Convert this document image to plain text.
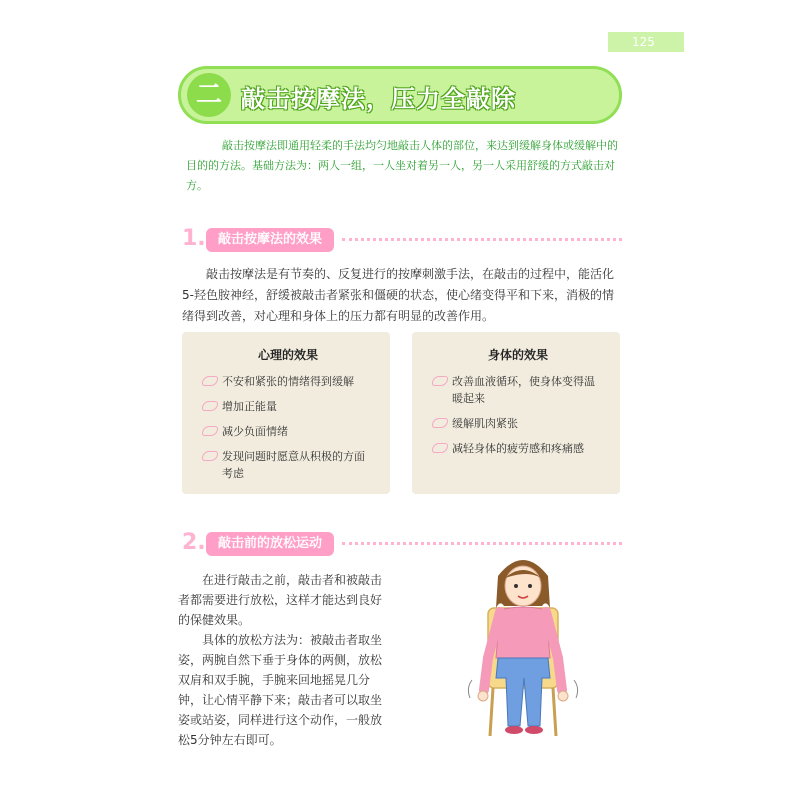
125
二 敲击按摩法，压力全敲除
敲击按摩法即通用轻柔的手法均匀地敲击人体的部位，来达到缓解身体或缓解中的目的的方法。基础方法为：两人一组，一人坐对着另一人，另一人采用舒缓的方式敲击对方。
1. 敲击按摩法的效果
敲击按摩法是有节奏的、反复进行的按摩刺激手法，在敲击的过程中，能活化5-羟色胺神经，舒缓被敲击者紧张和僵硬的状态，使心绪变得平和下来，消极的情绪得到改善，对心理和身体上的压力都有明显的改善作用。
心理的效果
不安和紧张的情绪得到缓解
增加正能量
减少负面情绪
发现问题时愿意从积极的方面考虑
身体的效果
改善血液循环，使身体变得温暖起来
缓解肌肉紧张
减轻身体的疲劳感和疼痛感
2. 敲击前的放松运动

在进行敲击之前，敲击者和被敲击者都需要进行放松，这样才能达到良好的保健效果。

具体的放松方法为：被敲击者取坐姿，两腕自然下垂于身体的两侧，放松双肩和双手腕，手腕来回地摇晃几分钟，让心情平静下来；敲击者可以取坐姿或站姿，同样进行这个动作，一般放松5分钟左右即可。
